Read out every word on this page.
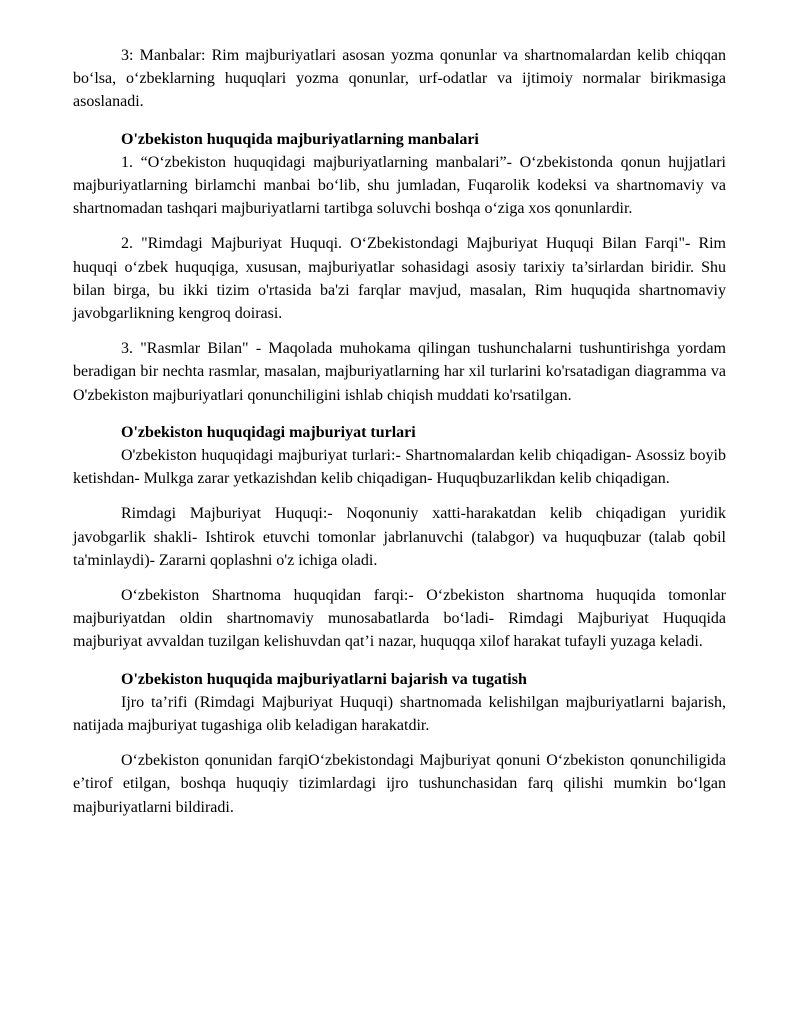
3: Manbalar: Rim majburiyatlari asosan yozma qonunlar va shartnomalardan kelib chiqqan bo‘lsa, o‘zbeklarning huquqlari yozma qonunlar, urf-odatlar va ijtimoiy normalar birikmasiga asoslanadi.

O'zbekiston huquqida majburiyatlarning manbalari

1. “O‘zbekiston huquqidagi majburiyatlarning manbalari”- O‘zbekistonda qonun hujjatlari majburiyatlarning birlamchi manbai bo‘lib, shu jumladan, Fuqarolik kodeksi va shartnomaviy va shartnomadan tashqari majburiyatlarni tartibga soluvchi boshqa o‘ziga xos qonunlardir.

2. "Rimdagi Majburiyat Huquqi. O‘Zbekistondagi Majburiyat Huquqi Bilan Farqi"- Rim huquqi o‘zbek huquqiga, xususan, majburiyatlar sohasidagi asosiy tarixiy ta’sirlardan biridir. Shu bilan birga, bu ikki tizim o'rtasida ba'zi farqlar mavjud, masalan, Rim huquqida shartnomaviy javobgarlikning kengroq doirasi.

3. "Rasmlar Bilan" - Maqolada muhokama qilingan tushunchalarni tushuntirishga yordam beradigan bir nechta rasmlar, masalan, majburiyatlarning har xil turlarini ko'rsatadigan diagramma va O'zbekiston majburiyatlari qonunchiligini ishlab chiqish muddati ko'rsatilgan.

O'zbekiston huquqidagi majburiyat turlari

O'zbekiston huquqidagi majburiyat turlari:- Shartnomalardan kelib chiqadigan- Asossiz boyib ketishdan- Mulkga zarar yetkazishdan kelib chiqadigan- Huquqbuzarlikdan kelib chiqadigan.

Rimdagi Majburiyat Huquqi:- Noqonuniy xatti-harakatdan kelib chiqadigan yuridik javobgarlik shakli- Ishtirok etuvchi tomonlar jabrlanuvchi (talabgor) va huquqbuzar (talab qobil ta'minlaydi)- Zararni qoplashni o'z ichiga oladi.

O‘zbekiston Shartnoma huquqidan farqi:- O‘zbekiston shartnoma huquqida tomonlar majburiyatdan oldin shartnomaviy munosabatlarda bo‘ladi- Rimdagi Majburiyat Huquqida majburiyat avvaldan tuzilgan kelishuvdan qat’i nazar, huquqqa xilof harakat tufayli yuzaga keladi.

O'zbekiston huquqida majburiyatlarni bajarish va tugatish

Ijro ta’rifi (Rimdagi Majburiyat Huquqi) shartnomada kelishilgan majburiyatlarni bajarish, natijada majburiyat tugashiga olib keladigan harakatdir.

O‘zbekiston qonunidan farqiO‘zbekistondagi Majburiyat qonuni O‘zbekiston qonunchiligida e’tirof etilgan, boshqa huquqiy tizimlardagi ijro tushunchasidan farq qilishi mumkin bo‘lgan majburiyatlarni bildiradi.
